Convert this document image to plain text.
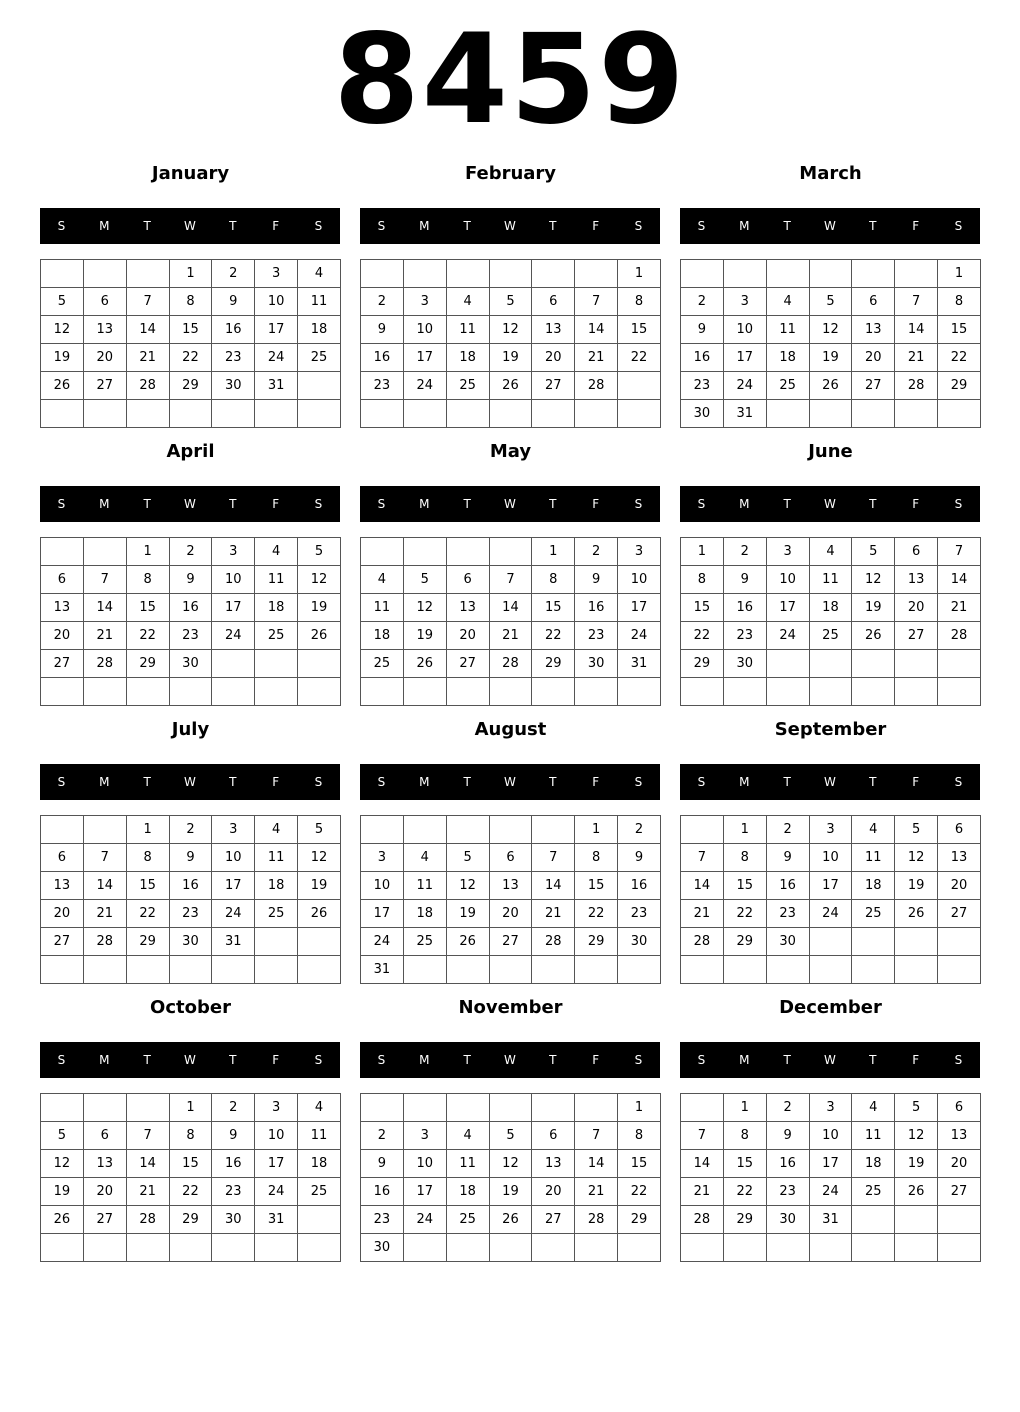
8459
January
S	M	T	W	T	F	S
			1	2	3	4
5	6	7	8	9	10	11
12	13	14	15	16	17	18
19	20	21	22	23	24	25
26	27	28	29	30	31	

February
S	M	T	W	T	F	S
						1
2	3	4	5	6	7	8
9	10	11	12	13	14	15
16	17	18	19	20	21	22
23	24	25	26	27	28	

March
S	M	T	W	T	F	S
						1
2	3	4	5	6	7	8
9	10	11	12	13	14	15
16	17	18	19	20	21	22
23	24	25	26	27	28	29
30	31					
April
S	M	T	W	T	F	S
		1	2	3	4	5
6	7	8	9	10	11	12
13	14	15	16	17	18	19
20	21	22	23	24	25	26
27	28	29	30			

May
S	M	T	W	T	F	S
				1	2	3
4	5	6	7	8	9	10
11	12	13	14	15	16	17
18	19	20	21	22	23	24
25	26	27	28	29	30	31

June
S	M	T	W	T	F	S
1	2	3	4	5	6	7
8	9	10	11	12	13	14
15	16	17	18	19	20	21
22	23	24	25	26	27	28
29	30					

July
S	M	T	W	T	F	S
		1	2	3	4	5
6	7	8	9	10	11	12
13	14	15	16	17	18	19
20	21	22	23	24	25	26
27	28	29	30	31		

August
S	M	T	W	T	F	S
					1	2
3	4	5	6	7	8	9
10	11	12	13	14	15	16
17	18	19	20	21	22	23
24	25	26	27	28	29	30
31						
September
S	M	T	W	T	F	S
	1	2	3	4	5	6
7	8	9	10	11	12	13
14	15	16	17	18	19	20
21	22	23	24	25	26	27
28	29	30				

October
S	M	T	W	T	F	S
			1	2	3	4
5	6	7	8	9	10	11
12	13	14	15	16	17	18
19	20	21	22	23	24	25
26	27	28	29	30	31	

November
S	M	T	W	T	F	S
						1
2	3	4	5	6	7	8
9	10	11	12	13	14	15
16	17	18	19	20	21	22
23	24	25	26	27	28	29
30						
December
S	M	T	W	T	F	S
	1	2	3	4	5	6
7	8	9	10	11	12	13
14	15	16	17	18	19	20
21	22	23	24	25	26	27
28	29	30	31			
